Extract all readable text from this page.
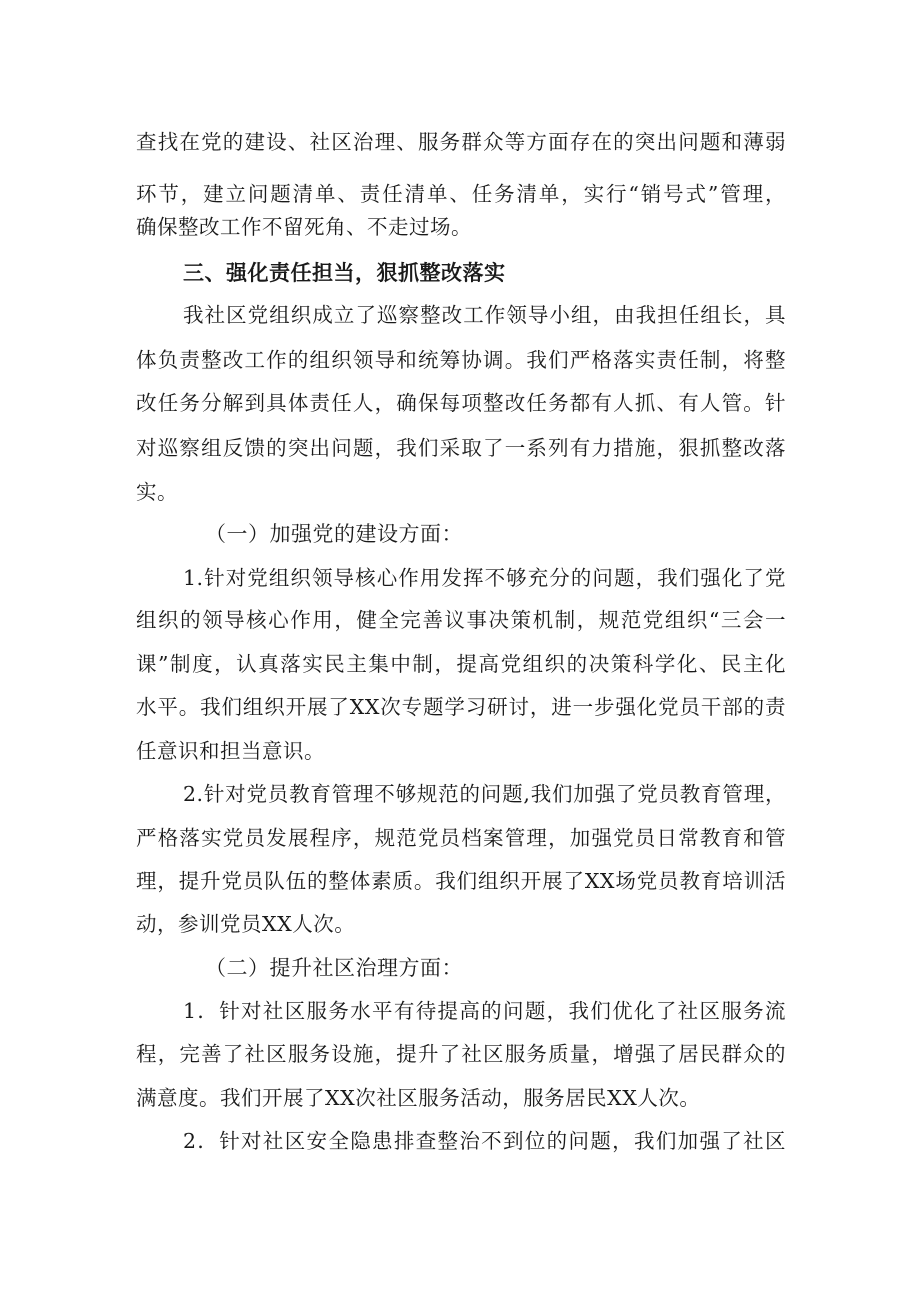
查找在党的建设、社区治理、服务群众等方面存在的突出问题和薄弱
环节，建立问题清单、责任清单、任务清单，实行“销号式”管理，
确保整改工作不留死角、不走过场。
三、强化责任担当，狠抓整改落实
我社区党组织成立了巡察整改工作领导小组，由我担任组长，具
体负责整改工作的组织领导和统筹协调。我们严格落实责任制，将整
改任务分解到具体责任人，确保每项整改任务都有人抓、有人管。针
对巡察组反馈的突出问题，我们采取了一系列有力措施，狠抓整改落
实。
（一）加强党的建设方面：
1.针对党组织领导核心作用发挥不够充分的问题，我们强化了党
组织的领导核心作用，健全完善议事决策机制，规范党组织“三会一
课”制度，认真落实民主集中制，提高党组织的决策科学化、民主化
水平。我们组织开展了XX次专题学习研讨，进一步强化党员干部的责
任意识和担当意识。
2.针对党员教育管理不够规范的问题,我们加强了党员教育管理，
严格落实党员发展程序，规范党员档案管理，加强党员日常教育和管
理，提升党员队伍的整体素质。我们组织开展了XX场党员教育培训活
动，参训党员XX人次。
（二）提升社区治理方面：
1．针对社区服务水平有待提高的问题，我们优化了社区服务流
程，完善了社区服务设施，提升了社区服务质量，增强了居民群众的
满意度。我们开展了XX次社区服务活动，服务居民XX人次。
2．针对社区安全隐患排查整治不到位的问题，我们加强了社区
